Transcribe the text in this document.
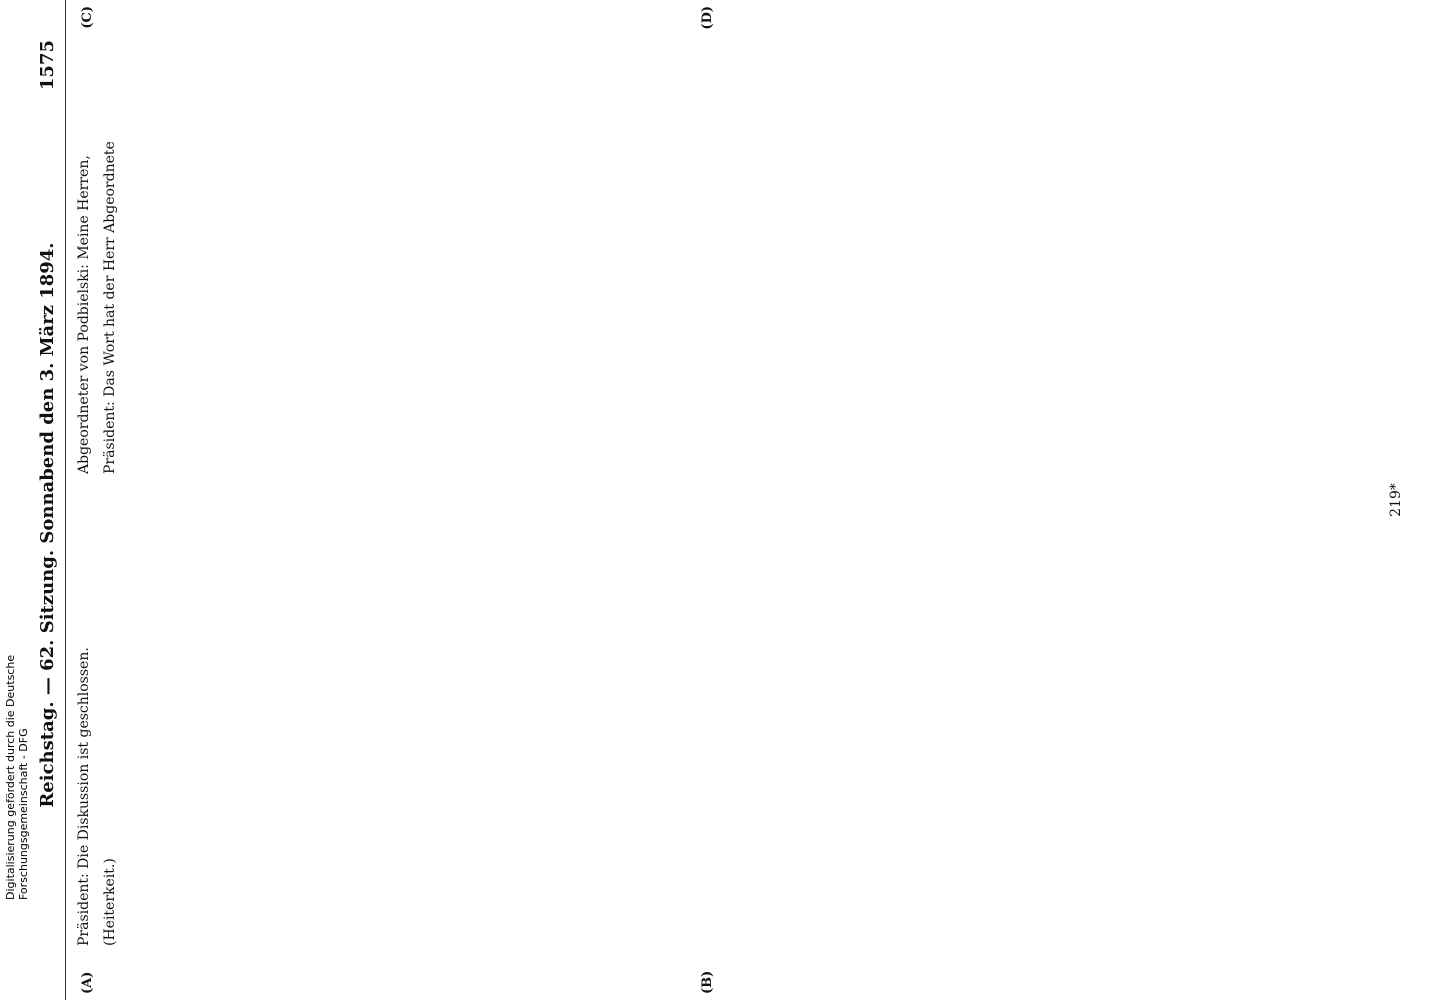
Reichstag. — 62. Sitzung. Sonnabend den 3. März 1894.
1575
(A)	(B)
(C)	(D)

Präsident: Die Diskussion ist geschlossen. (Heiterkeit.)

Abgeordneter von Podbielski: Meine Herren, Präsident: Das Wort hat der Herr Abgeordnete

219*
Digitalisierung gefördert durch die Deutsche Forschungsgemeinschaft - DFG
